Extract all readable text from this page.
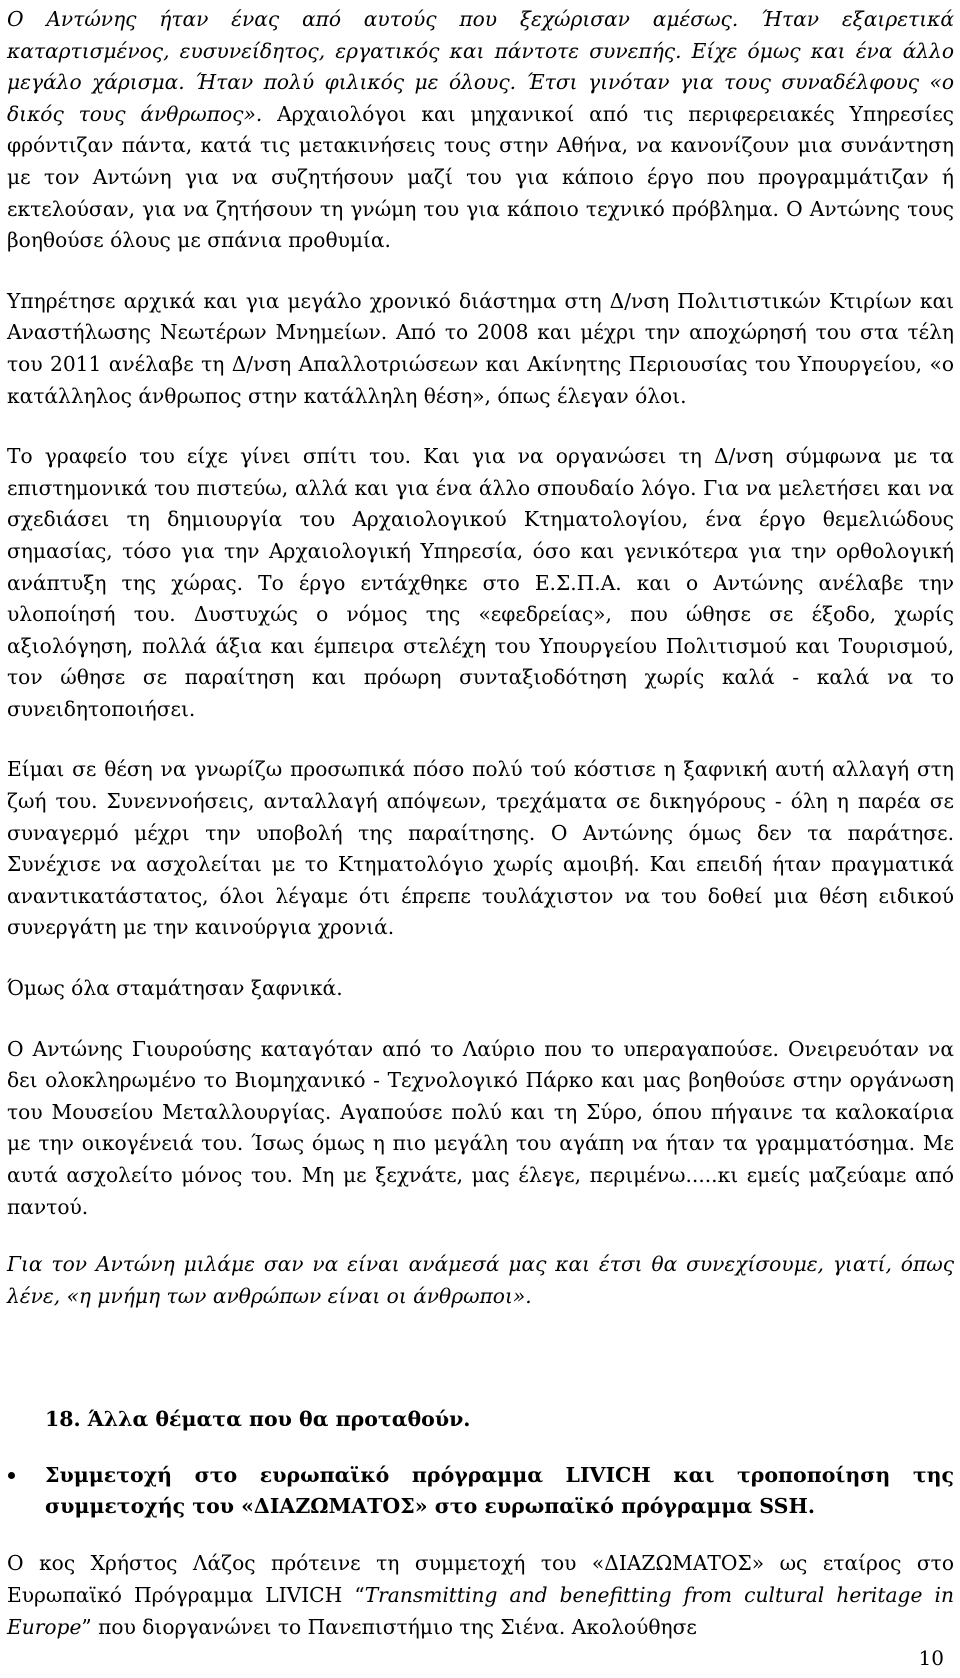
Ο Αντώνης ήταν ένας από αυτούς που ξεχώρισαν αμέσως. Ήταν εξαιρετικά καταρτισμένος, ευσυνείδητος, εργατικός και πάντοτε συνεπής. Είχε όμως και ένα άλλο μεγάλο χάρισμα. Ήταν πολύ φιλικός με όλους. Έτσι γινόταν για τους συναδέλφους «ο δικός τους άνθρωπος». Αρχαιολόγοι και μηχανικοί από τις περιφερειακές Υπηρεσίες φρόντιζαν πάντα, κατά τις μετακινήσεις τους στην Αθήνα, να κανονίζουν μια συνάντηση με τον Αντώνη για να συζητήσουν μαζί του για κάποιο έργο που προγραμμάτιζαν ή εκτελούσαν, για να ζητήσουν τη γνώμη του για κάποιο τεχνικό πρόβλημα. Ο Αντώνης τους βοηθούσε όλους με σπάνια προθυμία.

Υπηρέτησε αρχικά και για μεγάλο χρονικό διάστημα στη Δ/νση Πολιτιστικών Κτιρίων και Αναστήλωσης Νεωτέρων Μνημείων. Από το 2008 και μέχρι την αποχώρησή του στα τέλη του 2011 ανέλαβε τη Δ/νση Απαλλοτριώσεων και Ακίνητης Περιουσίας του Υπουργείου, «ο κατάλληλος άνθρωπος στην κατάλληλη θέση», όπως έλεγαν όλοι.

Το γραφείο του είχε γίνει σπίτι του. Και για να οργανώσει τη Δ/νση σύμφωνα με τα επιστημονικά του πιστεύω, αλλά και για ένα άλλο σπουδαίο λόγο. Για να μελετήσει και να σχεδιάσει τη δημιουργία του Αρχαιολογικού Κτηματολογίου, ένα έργο θεμελιώδους σημασίας, τόσο για την Αρχαιολογική Υπηρεσία, όσο και γενικότερα για την ορθολογική ανάπτυξη της χώρας. Το έργο εντάχθηκε στο Ε.Σ.Π.Α. και ο Αντώνης ανέλαβε την υλοποίησή του. Δυστυχώς ο νόμος της «εφεδρείας», που ώθησε σε έξοδο, χωρίς αξιολόγηση, πολλά άξια και έμπειρα στελέχη του Υπουργείου Πολιτισμού και Τουρισμού, τον ώθησε σε παραίτηση και πρόωρη συνταξιοδότηση χωρίς καλά - καλά να το συνειδητοποιήσει.

Είμαι σε θέση να γνωρίζω προσωπικά πόσο πολύ τού κόστισε η ξαφνική αυτή αλλαγή στη ζωή του. Συνεννοήσεις, ανταλλαγή απόψεων, τρεχάματα σε δικηγόρους - όλη η παρέα σε συναγερμό μέχρι την υποβολή της παραίτησης. Ο Αντώνης όμως δεν τα παράτησε. Συνέχισε να ασχολείται με το Κτηματολόγιο χωρίς αμοιβή. Και επειδή ήταν πραγματικά αναντικατάστατος, όλοι λέγαμε ότι έπρεπε τουλάχιστον να του δοθεί μια θέση ειδικού συνεργάτη με την καινούργια χρονιά.

Όμως όλα σταμάτησαν ξαφνικά.

Ο Αντώνης Γιουρούσης καταγόταν από το Λαύριο που το υπεραγαπούσε. Ονειρευόταν να δει ολοκληρωμένο το Βιομηχανικό - Τεχνολογικό Πάρκο και μας βοηθούσε στην οργάνωση του Μουσείου Μεταλλουργίας. Αγαπούσε πολύ και τη Σύρο, όπου πήγαινε τα καλοκαίρια με την οικογένειά του. Ίσως όμως η πιο μεγάλη του αγάπη να ήταν τα γραμματόσημα. Με αυτά ασχολείτο μόνος του. Μη με ξεχνάτε, μας έλεγε, περιμένω.....κι εμείς μαζεύαμε από παντού.

Για τον Αντώνη μιλάμε σαν να είναι ανάμεσά μας και έτσι θα συνεχίσουμε, γιατί, όπως λένε, «η μνήμη των ανθρώπων είναι οι άνθρωποι».

18. Άλλα θέματα που θα προταθούν.
Συμμετοχή στο ευρωπαϊκό πρόγραμμα LIVICH και τροποποίηση της συμμετοχής του «ΔΙΑΖΩΜΑΤΟΣ» στο ευρωπαϊκό πρόγραμμα SSH.

Ο κος Χρήστος Λάζος πρότεινε τη συμμετοχή του «ΔΙΑΖΩΜΑΤΟΣ» ως εταίρος στο Ευρωπαϊκό Πρόγραμμα LIVICH “Transmitting and benefitting from cultural heritage in Europe” που διοργανώνει το Πανεπιστήμιο της Σιένα. Ακολούθησε

10
